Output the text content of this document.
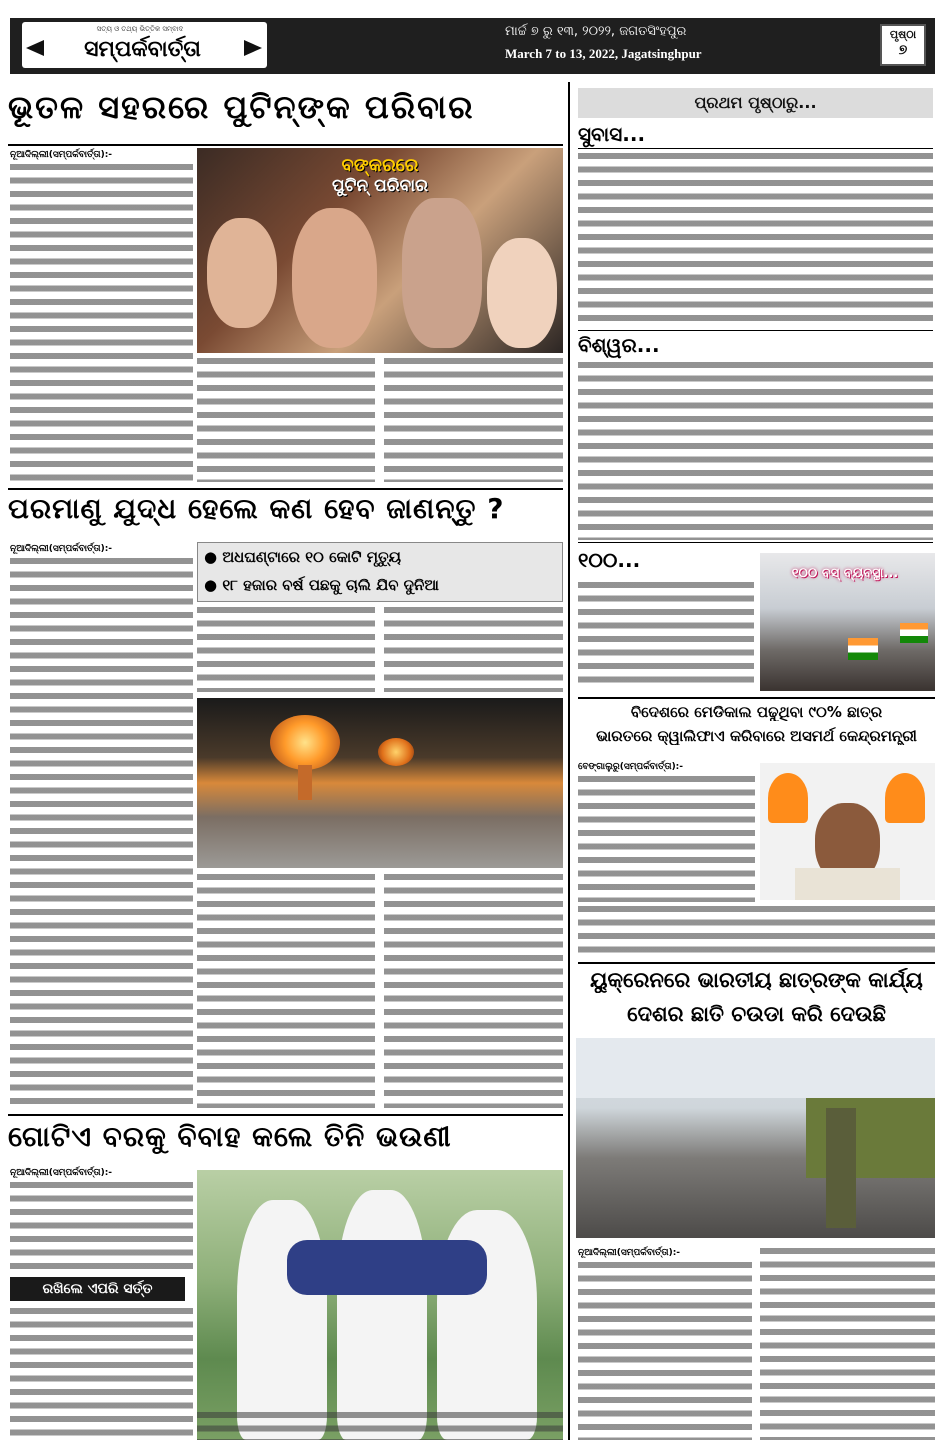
ସତ୍ୟ ଓ ତଥ୍ୟ ଭିତ୍ତିକ ସମ୍ବାଦ
ସମ୍ପର୍କବାର୍ତ୍ତା
ମାର୍ଚ୍ଚ ୭ ରୁ ୧୩, ୨୦୨୨, ଜଗତସିଂହପୁର
March 7 to 13, 2022, Jagatsinghpur
ପୃଷ୍ଠା
୭
ଭୂତଳ ସହରରେ ପୁଟିନ୍‌ଙ୍କ ପରିବାର
ନୂଆଦିଲ୍ଲୀ(ସମ୍ପର୍କବାର୍ତ୍ତା):-	ବଙ୍କରରେ
ପୁଟିନ୍ ପରିବାର
ପରମାଣୁ ଯୁଦ୍ଧ ହେଲେ କଣ ହେବ ଜାଣନ୍ତୁ ?
ନୂଆଦିଲ୍ଲୀ(ସମ୍ପର୍କବାର୍ତ୍ତା):-	● ଅଧଘଣ୍ଟାରେ ୧୦ କୋଟି ମୃତ୍ୟୁ
● ୧୮ ହଜାର ବର୍ଷ ପଛକୁ ଚାଲି ଯିବ ଦୁନିଆ
ଗୋଟିଏ ବରକୁ ବିବାହ କଲେ ତିନି ଭଉଣୀ
ନୂଆଦିଲ୍ଲୀ(ସମ୍ପର୍କବାର୍ତ୍ତା):-
ରଖିଲେ ଏପରି ସର୍ତ୍ତ
ପ୍ରଥମ ପୃଷ୍ଠାରୁ...
ସୁବାସ...
ବିଶ୍ୱର...
୧୦୦...
୧୦୦ ବସ୍ ବ୍ୟବସ୍ଥା...
ବିଦେଶରେ ମେଡିକାଲ ପଢୁଥିବା ୯୦% ଛାତ୍ର
ଭାରତରେ କ୍ୱାଲିଫାଏ କରିବାରେ ଅସମର୍ଥ କେନ୍ଦ୍ରମନ୍ତ୍ରୀ
ବେଙ୍ଗାଲୁରୁ(ସମ୍ପର୍କବାର୍ତ୍ତା):-
ୟୁକ୍ରେନରେ ଭାରତୀୟ ଛାତ୍ରଙ୍କ କାର୍ଯ୍ୟ
ଦେଶର ଛାତି ଚଉଡା କରି ଦେଉଛି
ନୂଆଦିଲ୍ଲୀ(ସମ୍ପର୍କବାର୍ତ୍ତା):-
